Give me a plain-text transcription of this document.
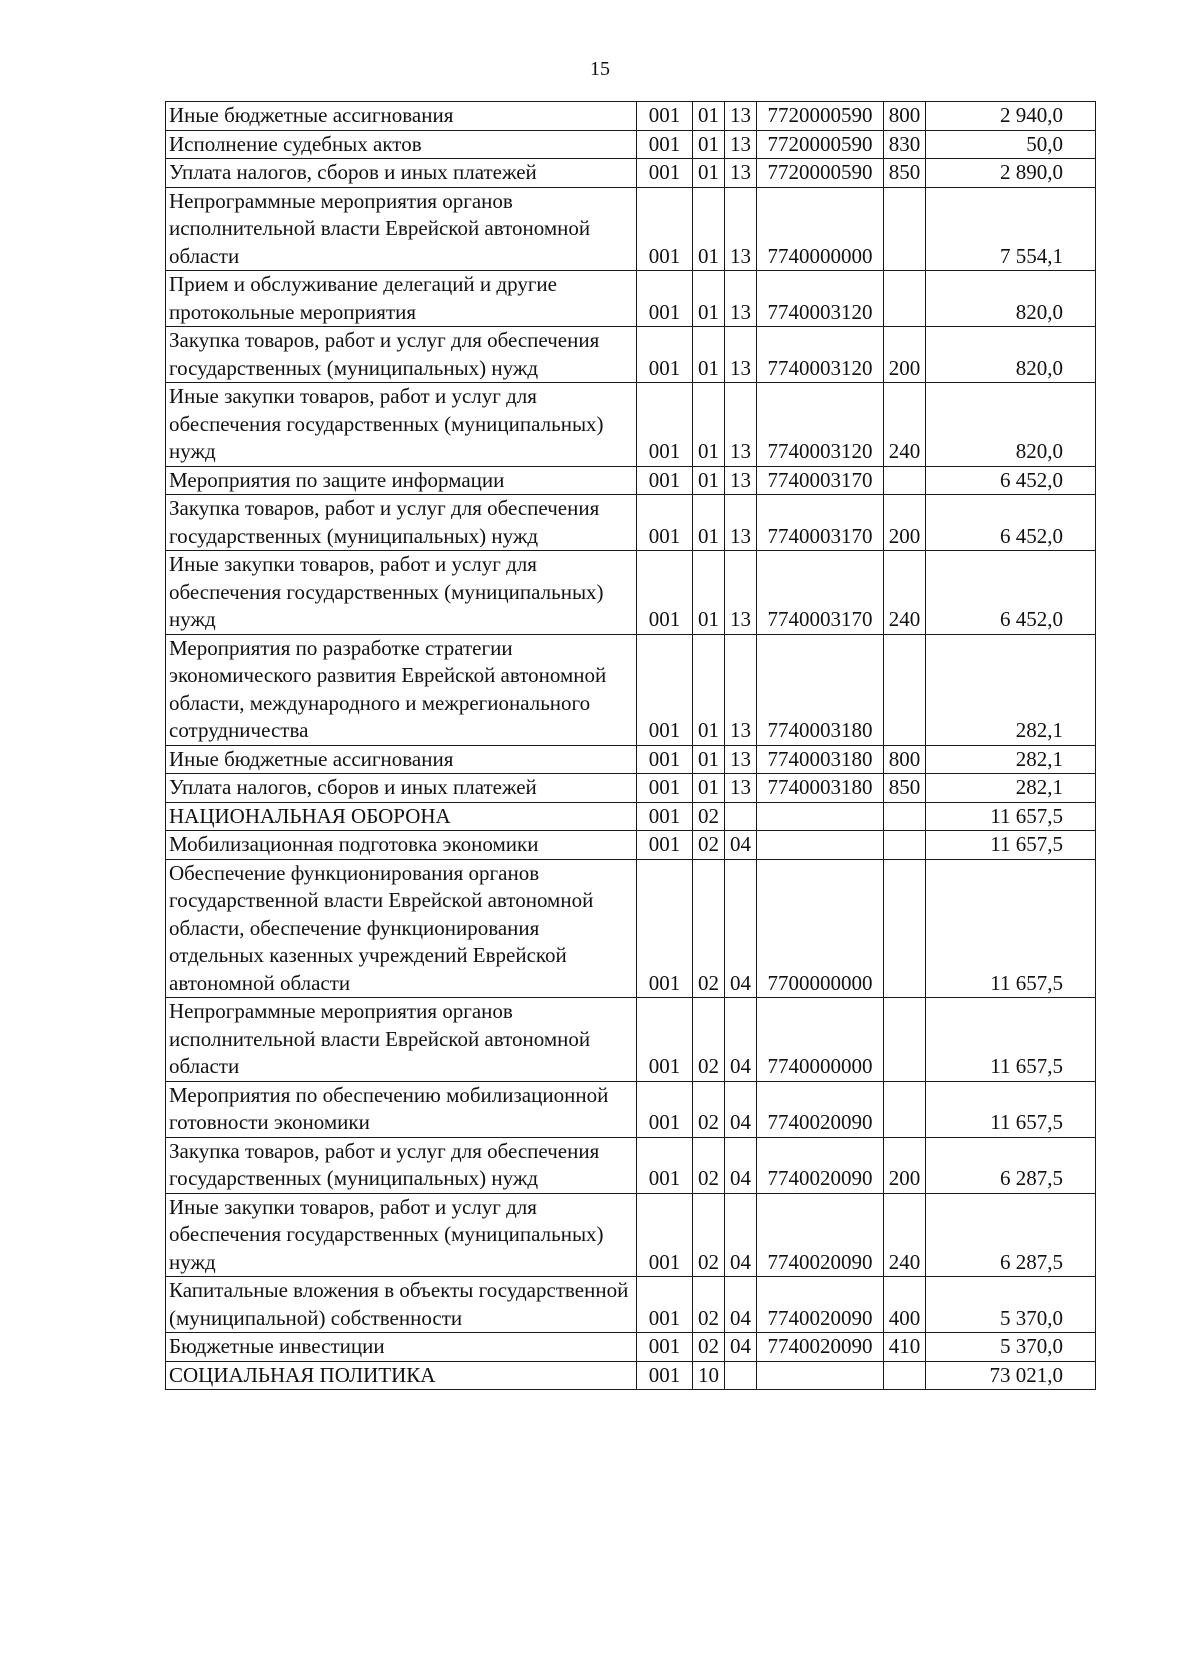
15
Иные бюджетные ассигнования	001	01	13	7720000590	800	2 940,0
Исполнение судебных актов	001	01	13	7720000590	830	50,0
Уплата налогов, сборов и иных платежей	001	01	13	7720000590	850	2 890,0
Непрограммные мероприятия органов исполнительной власти Еврейской автономной области	001	01	13	7740000000		7 554,1
Прием и обслуживание делегаций и другие протокольные мероприятия	001	01	13	7740003120		820,0
Закупка товаров, работ и услуг для обеспечения государственных (муниципальных) нужд	001	01	13	7740003120	200	820,0
Иные закупки товаров, работ и услуг для обеспечения государственных (муниципальных) нужд	001	01	13	7740003120	240	820,0
Мероприятия по защите информации	001	01	13	7740003170		6 452,0
Закупка товаров, работ и услуг для обеспечения государственных (муниципальных) нужд	001	01	13	7740003170	200	6 452,0
Иные закупки товаров, работ и услуг для обеспечения государственных (муниципальных) нужд	001	01	13	7740003170	240	6 452,0
Мероприятия по разработке стратегии экономического развития Еврейской автономной области, международного и межрегионального сотрудничества	001	01	13	7740003180		282,1
Иные бюджетные ассигнования	001	01	13	7740003180	800	282,1
Уплата налогов, сборов и иных платежей	001	01	13	7740003180	850	282,1
НАЦИОНАЛЬНАЯ ОБОРОНА	001	02				11 657,5
Мобилизационная подготовка экономики	001	02	04			11 657,5
Обеспечение функционирования органов государственной власти Еврейской автономной области, обеспечение функционирования отдельных казенных учреждений Еврейской автономной области	001	02	04	7700000000		11 657,5
Непрограммные мероприятия органов исполнительной власти Еврейской автономной области	001	02	04	7740000000		11 657,5
Мероприятия по обеспечению мобилизационной готовности экономики	001	02	04	7740020090		11 657,5
Закупка товаров, работ и услуг для обеспечения государственных (муниципальных) нужд	001	02	04	7740020090	200	6 287,5
Иные закупки товаров, работ и услуг для обеспечения государственных (муниципальных) нужд	001	02	04	7740020090	240	6 287,5
Капитальные вложения в объекты государственной (муниципальной) собственности	001	02	04	7740020090	400	5 370,0
Бюджетные инвестиции	001	02	04	7740020090	410	5 370,0
СОЦИАЛЬНАЯ ПОЛИТИКА	001	10				73 021,0
